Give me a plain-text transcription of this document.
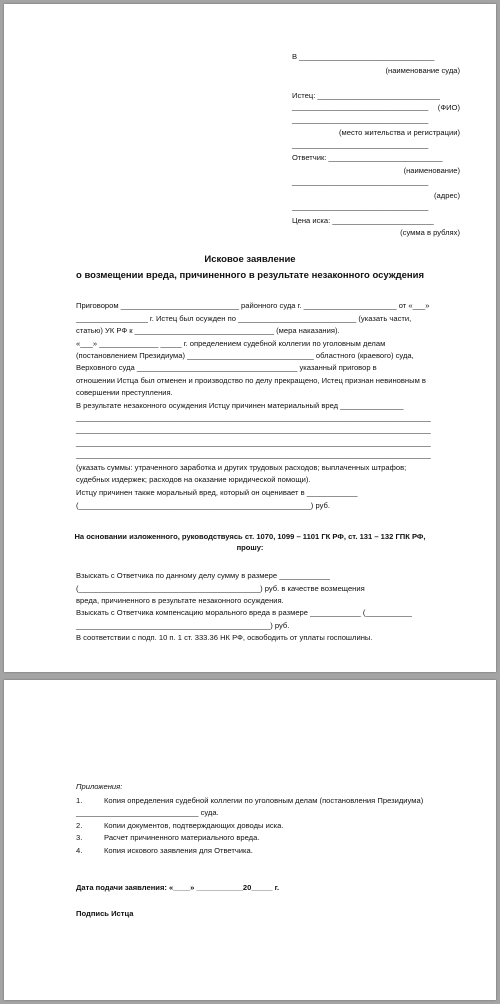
В ________________________________
(наименование суда)
Истец: _____________________________
___________________________________	(ФИО)
___________________________________
(место жительства и регистрации)
___________________________________
Ответчик: ___________________________
(наименование)
___________________________________
(адрес)
___________________________________
Цена иска: ________________________
(сумма в рублях)
Исковое заявление
о возмещении вреда, причиненного в результате незаконного осуждения
Приговором ____________________________ районного суда г. ______________________ от «___»
_________________ г. Истец был осужден по ____________________________ (указать части,
статью) УК РФ к _________________________________ (мера наказания).
«___» ______________ _____ г. определением судебной коллегии по уголовным делам
(постановлением Президиума) ______________________________ областного (краевого) суда,
Верховного суда ______________________________________ указанный приговор в
отношении Истца был отменен и производство по делу прекращено, Истец признан невиновным в
совершении преступления.
В результате незаконного осуждения Истцу причинен материальный вред _______________
____________________________________________________________________________________
____________________________________________________________________________________
____________________________________________________________________________________
____________________________________________________________________________________
(указать суммы: утраченного заработка и других трудовых расходов; выплаченных штрафов;
судебных издержек; расходов на оказание юридической помощи).
Истцу причинен также моральный вред, который он оценивает в ____________
(_______________________________________________________) руб.
На основании изложенного, руководствуясь ст. 1070, 1099 – 1101 ГК РФ, ст. 131 – 132 ГПК РФ,
прошу:
Взыскать с Ответчика по данному делу сумму в размере ____________
(___________________________________________) руб. в качестве возмещения
вреда, причиненного в результате незаконного осуждения.
Взыскать с Ответчика компенсацию морального вреда в размере ____________ (___________
______________________________________________) руб.
В соответствии с подп. 10 п. 1 ст. 333.36 НК РФ, освободить от уплаты госпошлины.
Приложения:
1.	Копия определения судебной коллегии по уголовным делам (постановления Президиума)
_____________________________ суда.
2.	Копии документов, подтверждающих доводы иска.
3.	Расчет причиненного материального вреда.
4.	Копия искового заявления для Ответчика.
Дата подачи заявления: «____» ___________20_____ г.
Подпись Истца
